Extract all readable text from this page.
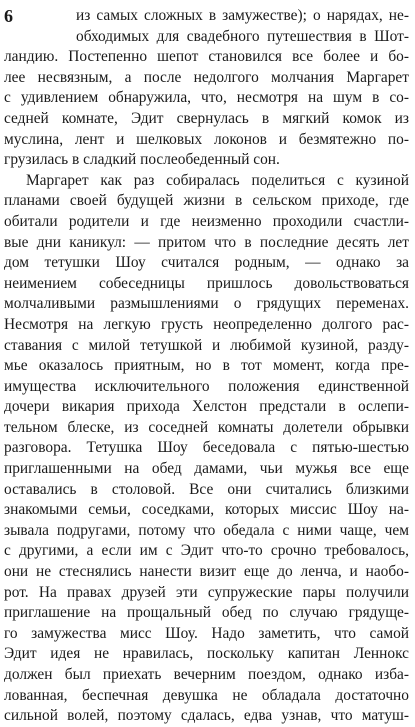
6	из самых сложных в замужестве); о нарядах, не-
обходимых для свадебного путешествия в Шот-
ландию. Постепенно шепот становился все более и бо-
лее несвязным, а после недолгого молчания Маргарет
с удивлением обнаружила, что, несмотря на шум в со-
седней комнате, Эдит свернулась в мягкий комок из
муслина, лент и шелковых локонов и безмятежно по-
грузилась в сладкий послеобеденный сон.
Маргарет как раз собиралась поделиться с кузиной
планами своей будущей жизни в сельском приходе, где
обитали родители и где неизменно проходили счастли-
вые дни каникул: — притом что в последние десять лет
дом тетушки Шоу считался родным, — однако за
неимением собеседницы пришлось довольствоваться
молчаливыми размышлениями о грядущих переменах.
Несмотря на легкую грусть неопределенно долгого рас-
ставания с милой тетушкой и любимой кузиной, разду-
мье оказалось приятным, но в тот момент, когда пре-
имущества исключительного положения единственной
дочери викария прихода Хелстон предстали в ослепи-
тельном блеске, из соседней комнаты долетели обрывки
разговора. Тетушка Шоу беседовала с пятью-шестью
приглашенными на обед дамами, чьи мужья все еще
оставались в столовой. Все они считались близкими
знакомыми семьи, соседками, которых миссис Шоу на-
зывала подругами, потому что обедала с ними чаще, чем
с другими, а если им с Эдит что-то срочно требовалось,
они не стеснялись нанести визит еще до ленча, и наобо-
рот. На правах друзей эти супружеские пары получили
приглашение на прощальный обед по случаю грядуще-
го замужества мисс Шоу. Надо заметить, что самой
Эдит идея не нравилась, поскольку капитан Леннокс
должен был приехать вечерним поездом, однако изба-
лованная, беспечная девушка не обладала достаточно
сильной волей, поэтому сдалась, едва узнав, что матуш-
